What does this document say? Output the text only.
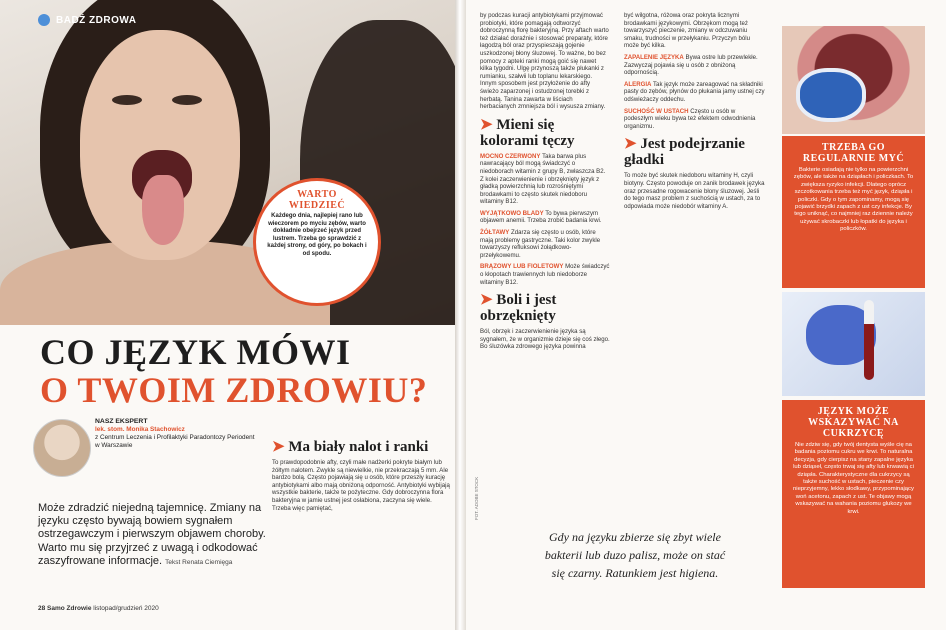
BADŹ ZDROWA
WARTO
WIEDZIEĆ

Każdego dnia, najlepiej rano lub wieczorem po myciu zębów, warto dokładnie obejrzeć język przed lustrem. Trzeba go sprawdzić z każdej strony, od góry, po bokach i od spodu.

CO JĘZYK MÓWI
O TWOIM ZDROWIU?
NASZ EKSPERT
lek. stom. Monika Stachowicz
z Centrum Leczenia i Profilaktyki Paradontozy Periodent w Warszawie
Może zdradzić niejedną tajemnicę. Zmiany na języku często bywają bowiem sygnałem ostrzegawczym i pierwszym objawem choroby. Warto mu się przyjrzeć z uwagą i odkodować zaszyfrowane informacje. Tekst Renata Ciemięga
➤ Ma biały nalot i ranki
To prawdopodobnie afty, czyli małe nadżerki pokryte białym lub żółtym nalotem. Zwykle są niewielkie, nie przekraczają 5 mm. Ale bardzo bolą. Często pojawiają się u osób, które przeszły kurację antybiotykami albo mają obniżoną odporność. Antybiotyki wybijają wszystkie bakterie, także te pożyteczne. Gdy dobroczynna flora bakteryjna w jamie ustnej jest osłabiona, zaczyna się wiele. Trzeba więc pamiętać,
28 Samo Zdrowie listopad/grudzień 2020
by podczas kuracji antybiotykami przyjmować probiotyki, które pomagają odtworzyć dobroczynną florę bakteryjną. Przy aftach warto też działać doraźnie i stosować preparaty, które łagodzą ból oraz przyspieszają gojenie uszkodzonej błony śluzowej. To ważne, bo bez pomocy z apteki ranki mogą goić się nawet kilka tygodni. Ulgę przynoszą także płukanki z rumianku, szałwii lub toplanu lekarskiego. Innym sposobem jest przyłożenie do afty świeżo zaparzonej i ostudzonej torebki z herbatą. Tanina zawarta w liściach herbacianych zmniejsza ból i wysusza zmiany.
➤ Mieni się kolorami tęczy
MOCNO CZERWONY Taka barwa plus nawracający ból mogą świadczyć o niedoborach witamin z grupy B, zwłaszcza B2. Z kolei zaczerwienienie i obrzęknięty język z gładką powierzchnią lub rozrośniętymi brodawkami to często skutek niedoboru witaminy B12.
WYJĄTKOWO BLADY To bywa pierwszym objawem anemii. Trzeba zrobić badania krwi.
ŻÓŁTAWY Zdarza się często u osób, które mają problemy gastryczne. Taki kolor zwykle towarzyszy refluksowi żołądkowo-przełykowemu.
BRĄZOWY LUB FIOLETOWY Może świadczyć o kłopotach trawiennych lub niedoborze witaminy B12.
➤ Boli i jest obrzęknięty
Ból, obrzęk i zaczerwienienie języka są sygnałem, że w organizmie dzieje się coś złego. Bo śluzówka zdrowego języka powinna
być wilgotna, różowa oraz pokryta licznymi brodawkami językowymi. Obrzękom mogą też towarzyszyć pieczenie, zmiany w odczuwaniu smaku, trudności w przełykaniu. Przyczyn bólu może być kilka.
ZAPALENIE JĘZYKA Bywa ostre lub przewlekłe. Zazwyczaj pojawia się u osób z obniżoną odpornością.
ALERGIA Tak język może zareagować na składniki pasty do zębów, płynów do płukania jamy ustnej czy odświeżaczy oddechu.
SUCHOŚĆ W USTACH Często u osób w podeszłym wieku bywa też efektem odwodnienia organizmu.
➤ Jest podejrzanie gładki
To może być skutek niedoboru witaminy H, czyli biotyny. Często powoduje on zanik brodawek języka oraz przesadne rogowacenie błony śluzowej. Jeśli do tego masz problem z suchością w ustach, za to odpowiada może niedobór witaminy A.
TRZEBA GO REGULARNIE MYĆ

Bakterie osiadają nie tylko na powierzchni zębów, ale także na dziąsłach i policzkach. To zwiększa ryzyko infekcji. Dlatego oprócz szczotkowania trzeba też myć język, dziąsła i policzki. Gdy o tym zapominamy, mogą się pojawić brzydki zapach z ust czy infekcje. By tego uniknąć, co najmniej raz dziennie należy używać skrobaczki lub łopatki do języka i policzków.

JĘZYK MOŻE WSKAZYWAĆ NA CUKRZYCĘ

Nie zdziw się, gdy twój dentysta wyśle cię na badania poziomu cukru we krwi. To naturalna decyzja, gdy cierpisz na stany zapalne języka lub dziąseł, często trwaj się afty lub krwawią ci dziąsła. Charakterystyczne dla cukrzycy są także suchość w ustach, pieczenie czy nieprzyjemny, lekko słodkawy, przypominający woń acetonu, zapach z ust. Te objawy mogą wskazywać na wahania poziomu glukozy we krwi.

FOT. ADOBE STOCK
Gdy na języku zbierze się zbyt wiele
bakterii lub duzo palisz, może on stać
się czarny. Ratunkiem jest higiena.
